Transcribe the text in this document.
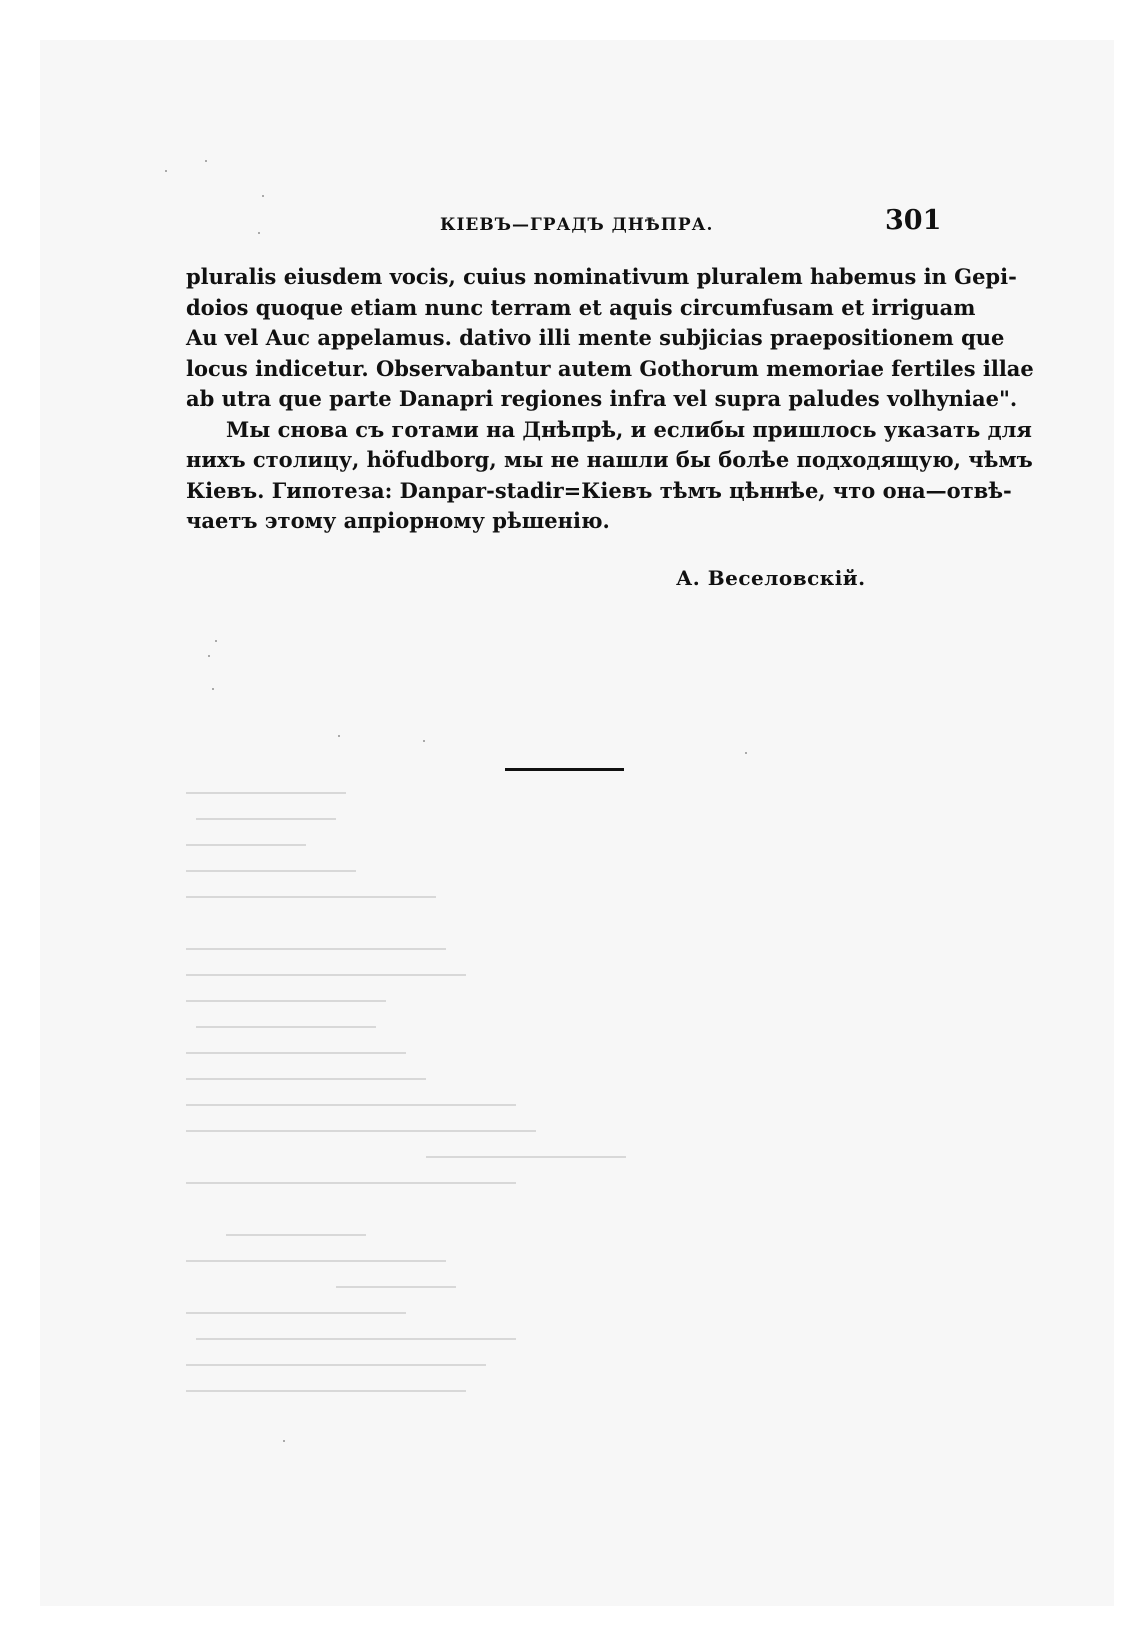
КІЕВЪ—ГРАДЪ ДНѢПРА.	301
pluralis eiusdem vocis, cuius nominativum pluralem habemus in Gepi-
doios quoque etiam nunc terram et aquis circumfusam et irriguam
Au vel Auc appelamus. dativo illi mente subjicias praepositionem que
locus indicetur. Observabantur autem Gothorum memoriae fertiles illae
ab utra que parte Danapri regiones infra vel supra paludes volhyniae".
Мы снова съ готами на Днѣпрѣ, и еслибы пришлось указать для
нихъ столицу, höfudborg, мы не нашли бы болѣе подходящую, чѣмъ
Кіевъ. Гипотеза: Danpar-stadir=Кіевъ тѣмъ цѣннѣе, что она—отвѣ-
чаетъ этому апріорному рѣшенію.
А. Веселовскій.
